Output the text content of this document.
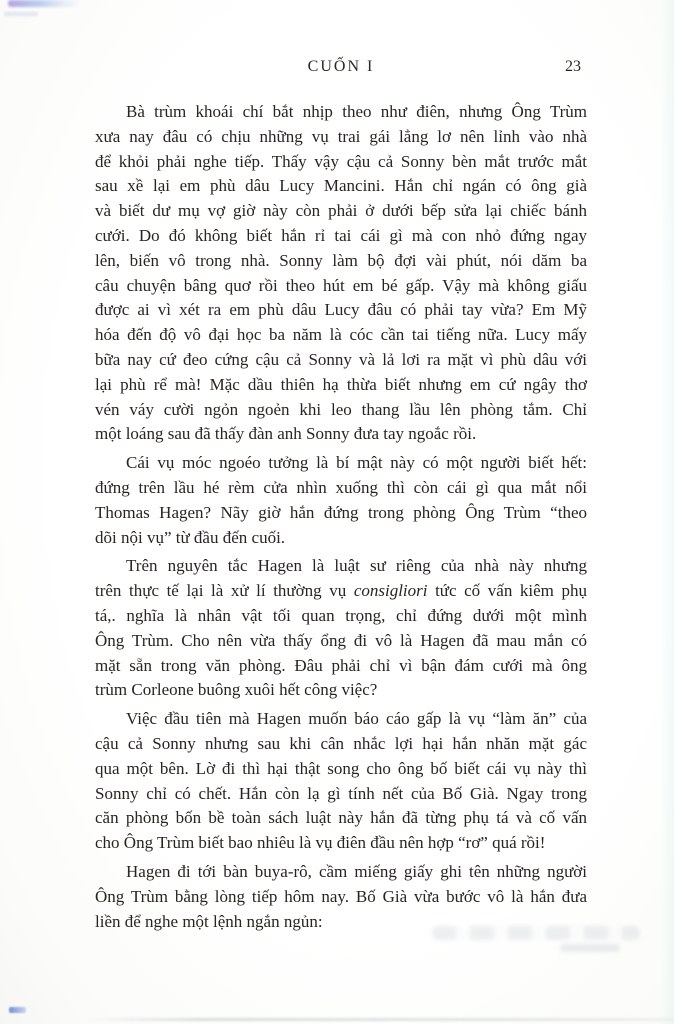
CUỐN I	23
Bà trùm khoái chí bắt nhịp theo như điên, nhưng Ông Trùm
xưa nay đâu có chịu những vụ trai gái lẳng lơ nên lỉnh vào nhà
để khỏi phải nghe tiếp. Thấy vậy cậu cả Sonny bèn mắt trước mắt
sau xề lại em phù dâu Lucy Mancini. Hắn chỉ ngán có ông già
và biết dư mụ vợ giờ này còn phải ở dưới bếp sửa lại chiếc bánh
cưới. Do đó không biết hắn rỉ tai cái gì mà con nhỏ đứng ngay
lên, biến vô trong nhà. Sonny làm bộ đợi vài phút, nói dăm ba
câu chuyện bâng quơ rồi theo hút em bé gấp. Vậy mà không giấu
được ai vì xét ra em phù dâu Lucy đâu có phải tay vừa? Em Mỹ
hóa đến độ vô đại học ba năm là cóc cần tai tiếng nữa. Lucy mấy
bữa nay cứ đeo cứng cậu cả Sonny và lả lơi ra mặt vì phù dâu với
lại phù rể mà! Mặc dầu thiên hạ thừa biết nhưng em cứ ngây thơ
vén váy cười ngỏn ngoẻn khi leo thang lầu lên phòng tắm. Chỉ
một loáng sau đã thấy đàn anh Sonny đưa tay ngoắc rồi.
Cái vụ móc ngoéo tưởng là bí mật này có một người biết hết:
đứng trên lầu hé rèm cửa nhìn xuống thì còn cái gì qua mắt nổi
Thomas Hagen? Nãy giờ hắn đứng trong phòng Ông Trùm “theo
dõi nội vụ” từ đầu đến cuối.
Trên nguyên tắc Hagen là luật sư riêng của nhà này nhưng
trên thực tế lại là xử lí thường vụ consigliori tức cố vấn kiêm phụ
tá,. nghĩa là nhân vật tối quan trọng, chỉ đứng dưới một mình
Ông Trùm. Cho nên vừa thấy ổng đi vô là Hagen đã mau mắn có
mặt sẵn trong văn phòng. Đâu phải chỉ vì bận đám cưới mà ông
trùm Corleone buông xuôi hết công việc?
Việc đầu tiên mà Hagen muốn báo cáo gấp là vụ “làm ăn” của
cậu cả Sonny nhưng sau khi cân nhắc lợi hại hắn nhăn mặt gác
qua một bên. Lờ đi thì hại thật song cho ông bố biết cái vụ này thì
Sonny chỉ có chết. Hắn còn lạ gì tính nết của Bố Già. Ngay trong
căn phòng bốn bề toàn sách luật này hắn đã từng phụ tá và cố vấn
cho Ông Trùm biết bao nhiêu là vụ điên đầu nên hợp “rơ” quá rồi!
Hagen đi tới bàn buya-rô, cầm miếng giấy ghi tên những người
Ông Trùm bằng lòng tiếp hôm nay. Bố Già vừa bước vô là hắn đưa
liền để nghe một lệnh ngắn ngủn:
